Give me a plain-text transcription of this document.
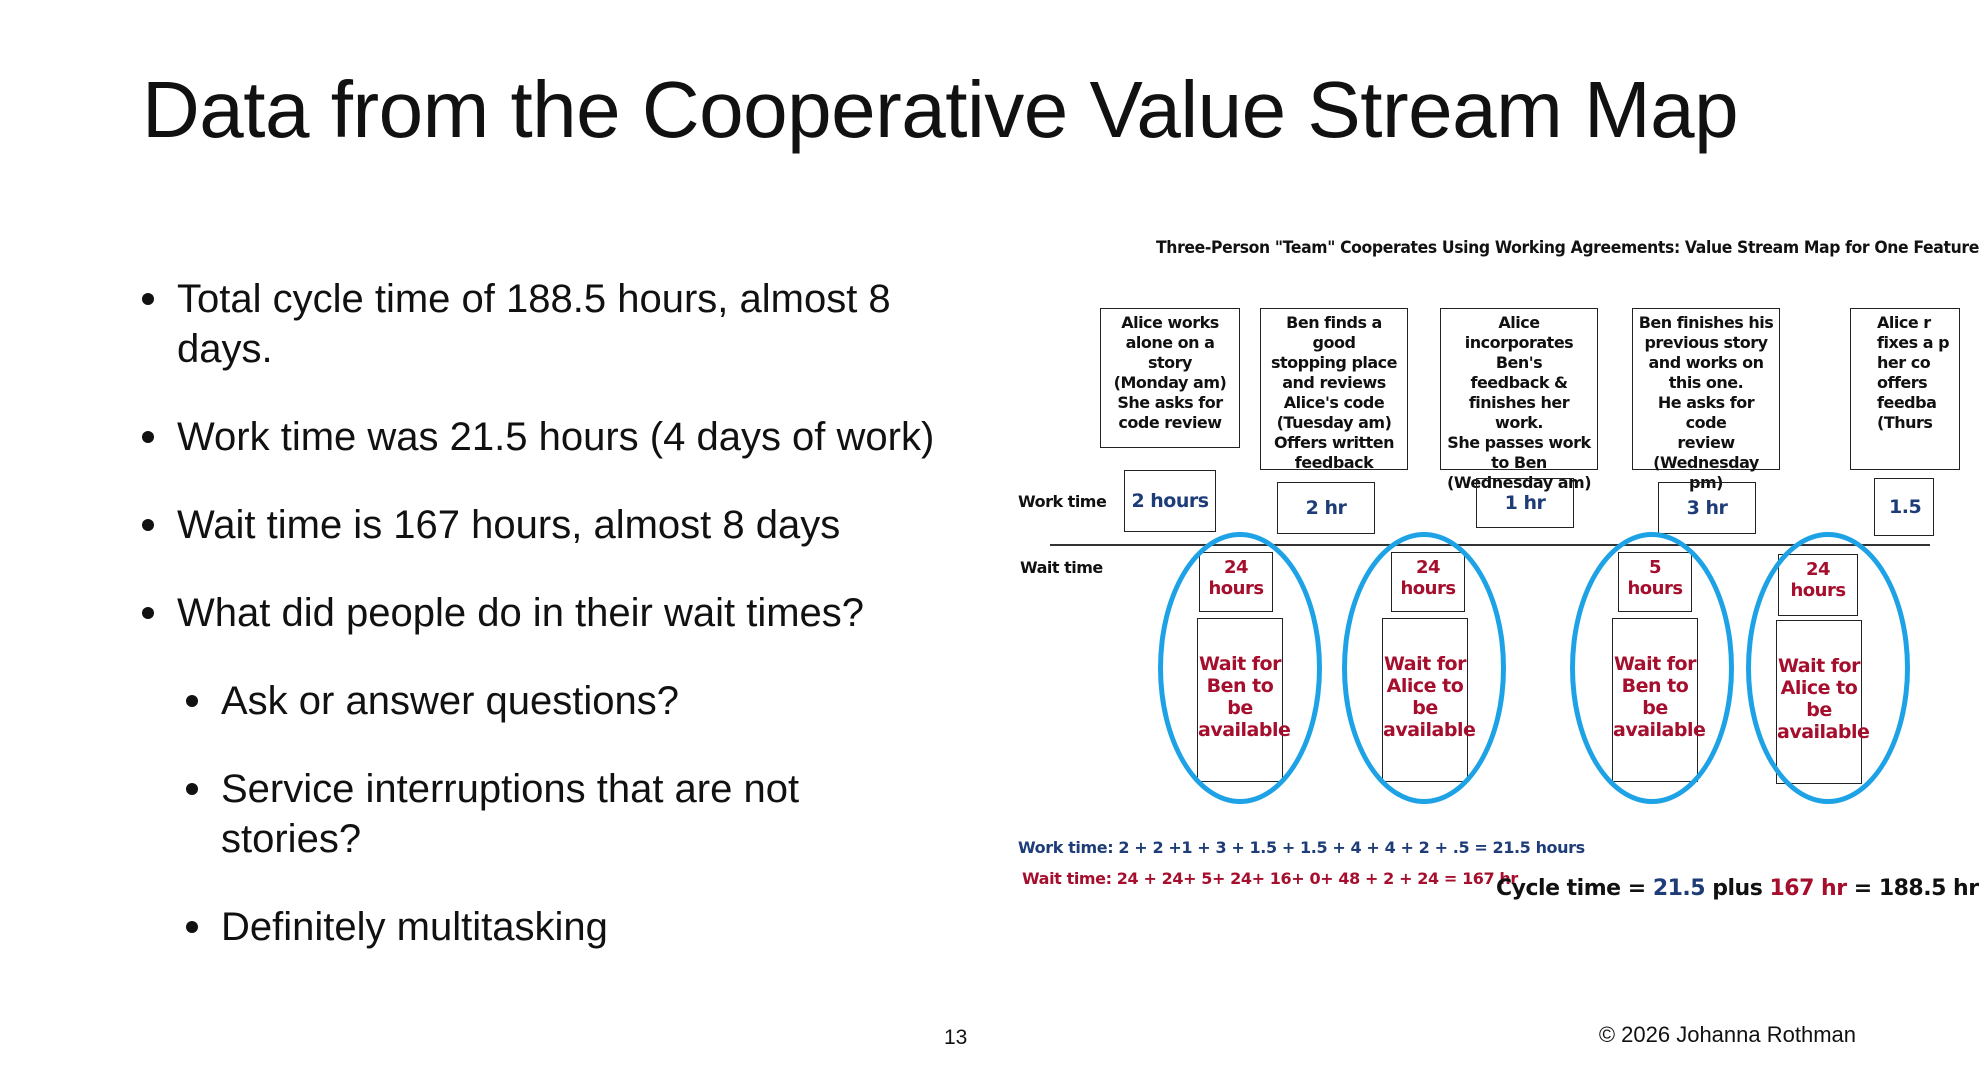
Data from the Cooperative Value Stream Map
Total cycle time of 188.5 hours, almost 8 days.
Work time was 21.5 hours (4 days of work)
Wait time is 167 hours, almost 8 days
What did people do in their wait times?
Ask or answer questions?
Service interruptions that are not stories?
Definitely multitasking
Three-Person "Team" Cooperates Using Working Agreements: Value Stream Map for One Feature
Alice works
alone on a
story
(Monday am)
She asks for
code review
Ben finds a good
stopping place
and reviews
Alice's code
(Tuesday am)
Offers written
feedback
Alice
incorporates Ben's
feedback &
finishes her work.
She passes work
to Ben
(Wednesday am)
Ben finishes his
previous story
and works on
this one.
He asks for code
review
(Wednesday pm)
Alice r
fixes a p
her co
offers
feedba
(Thurs
Work time
Wait time
2 hours	2 hr	1 hr	3 hr	1.5
24
hours
24
hours
5
hours
24
hours
Wait for
Ben to
be
available
Wait for
Alice to
be
available
Wait for
Ben to
be
available
Wait for
Alice to
be
available
Work time: 2 + 2 +1 + 3 + 1.5 + 1.5 + 4 + 4 + 2 + .5 = 21.5 hours
Wait time: 24 + 24+ 5+ 24+ 16+ 0+ 48 + 2 + 24 = 167 hr
Cycle time = 21.5 plus 167 hr = 188.5 hr
13	© 2026 Johanna Rothman
